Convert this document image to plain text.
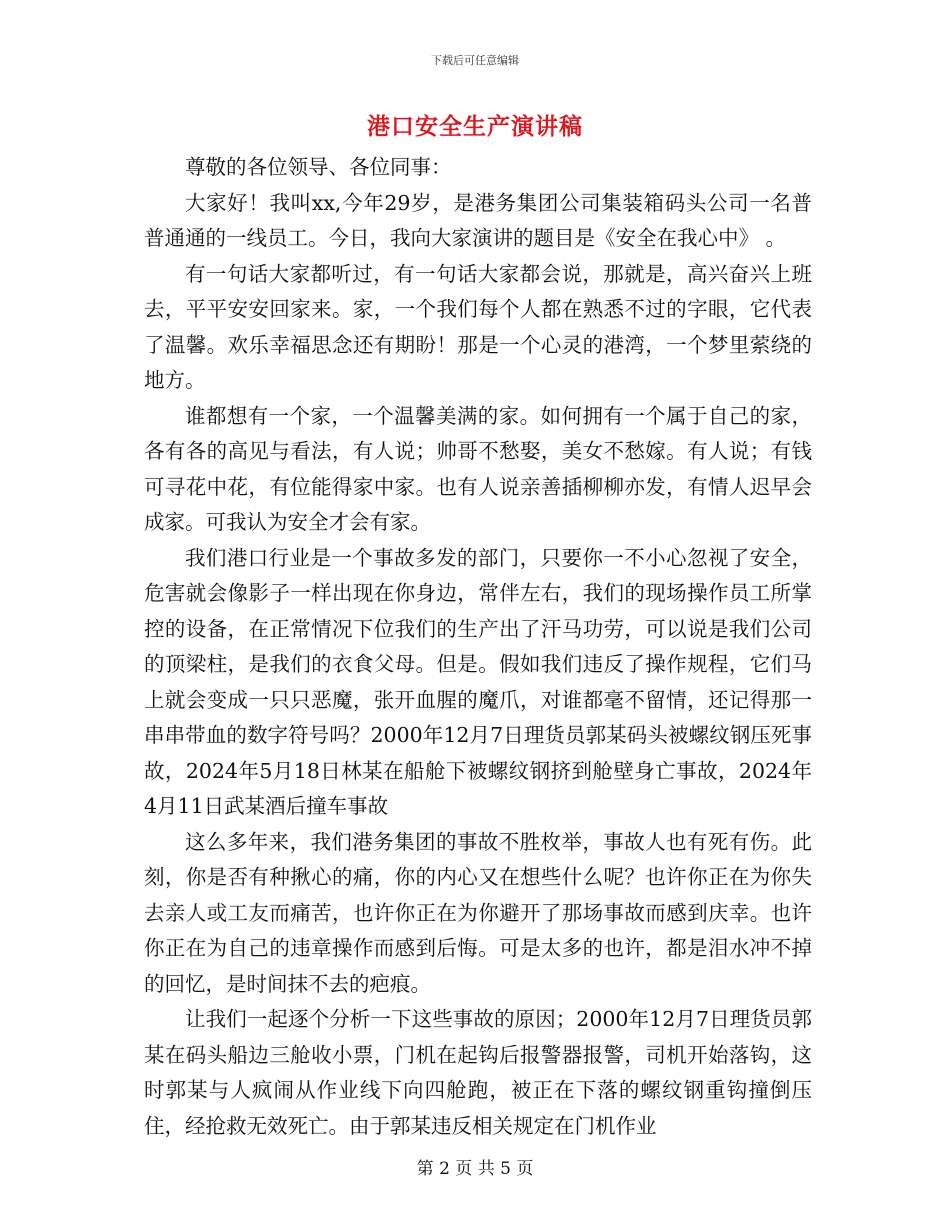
下载后可任意编辑
港口安全生产演讲稿

尊敬的各位领导、各位同事：

大家好！我叫xx,今年29岁，是港务集团公司集装箱码头公司一名普普通通的一线员工。今日，我向大家演讲的题目是《安全在我心中》 。

有一句话大家都听过，有一句话大家都会说，那就是，高兴奋兴上班去，平平安安回家来。家，一个我们每个人都在熟悉不过的字眼，它代表了温馨。欢乐幸福思念还有期盼！那是一个心灵的港湾，一个梦里萦绕的地方。

谁都想有一个家，一个温馨美满的家。如何拥有一个属于自己的家，各有各的高见与看法，有人说；帅哥不愁娶，美女不愁嫁。有人说；有钱可寻花中花，有位能得家中家。也有人说亲善插柳柳亦发，有情人迟早会成家。可我认为安全才会有家。

我们港口行业是一个事故多发的部门，只要你一不小心忽视了安全，危害就会像影子一样出现在你身边，常伴左右，我们的现场操作员工所掌控的设备，在正常情况下位我们的生产出了汗马功劳，可以说是我们公司的顶梁柱，是我们的衣食父母。但是。假如我们违反了操作规程，它们马上就会变成一只只恶魔，张开血腥的魔爪，对谁都毫不留情，还记得那一串串带血的数字符号吗？2000年12月7日理货员郭某码头被螺纹钢压死事故，2024年5月18日林某在船舱下被螺纹钢挤到舱壁身亡事故，2024年4月11日武某酒后撞车事故

这么多年来，我们港务集团的事故不胜枚举，事故人也有死有伤。此刻，你是否有种揪心的痛，你的内心又在想些什么呢？也许你正在为你失去亲人或工友而痛苦，也许你正在为你避开了那场事故而感到庆幸。也许你正在为自己的违章操作而感到后悔。可是太多的也许，都是泪水冲不掉的回忆，是时间抹不去的疤痕。

让我们一起逐个分析一下这些事故的原因；2000年12月7日理货员郭某在码头船边三舱收小票，门机在起钩后报警器报警，司机开始落钩，这时郭某与人疯闹从作业线下向四舱跑，被正在下落的螺纹钢重钩撞倒压住，经抢救无效死亡。由于郭某违反相关规定在门机作业

第 2 页 共 5 页
